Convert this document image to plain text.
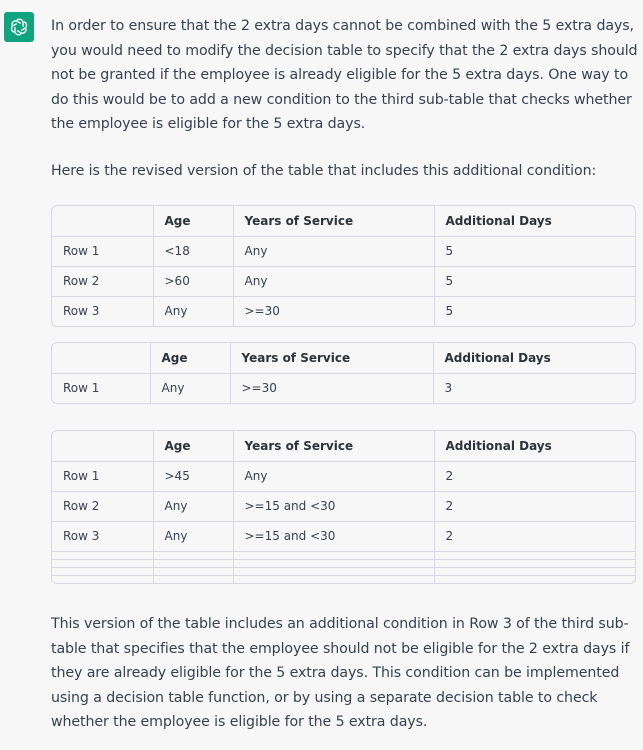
In order to ensure that the 2 extra days cannot be combined with the 5 extra days, you would need to modify the decision table to specify that the 2 extra days should not be granted if the employee is already eligible for the 5 extra days. One way to do this would be to add a new condition to the third sub-table that checks whether the employee is eligible for the 5 extra days.

Here is the revised version of the table that includes this additional condition:

	Age	Years of Service	Additional Days
Row 1	<18	Any	5
Row 2	>60	Any	5
Row 3	Any	>=30	5
	Age	Years of Service	Additional Days
Row 1	Any	>=30	3
	Age	Years of Service	Additional Days
Row 1	>45	Any	2
Row 2	Any	>=15 and <30	2
Row 3	Any	>=15 and <30	2

This version of the table includes an additional condition in Row 3 of the third sub-table that specifies that the employee should not be eligible for the 2 extra days if they are already eligible for the 5 extra days. This condition can be implemented using a decision table function, or by using a separate decision table to check whether the employee is eligible for the 5 extra days.
